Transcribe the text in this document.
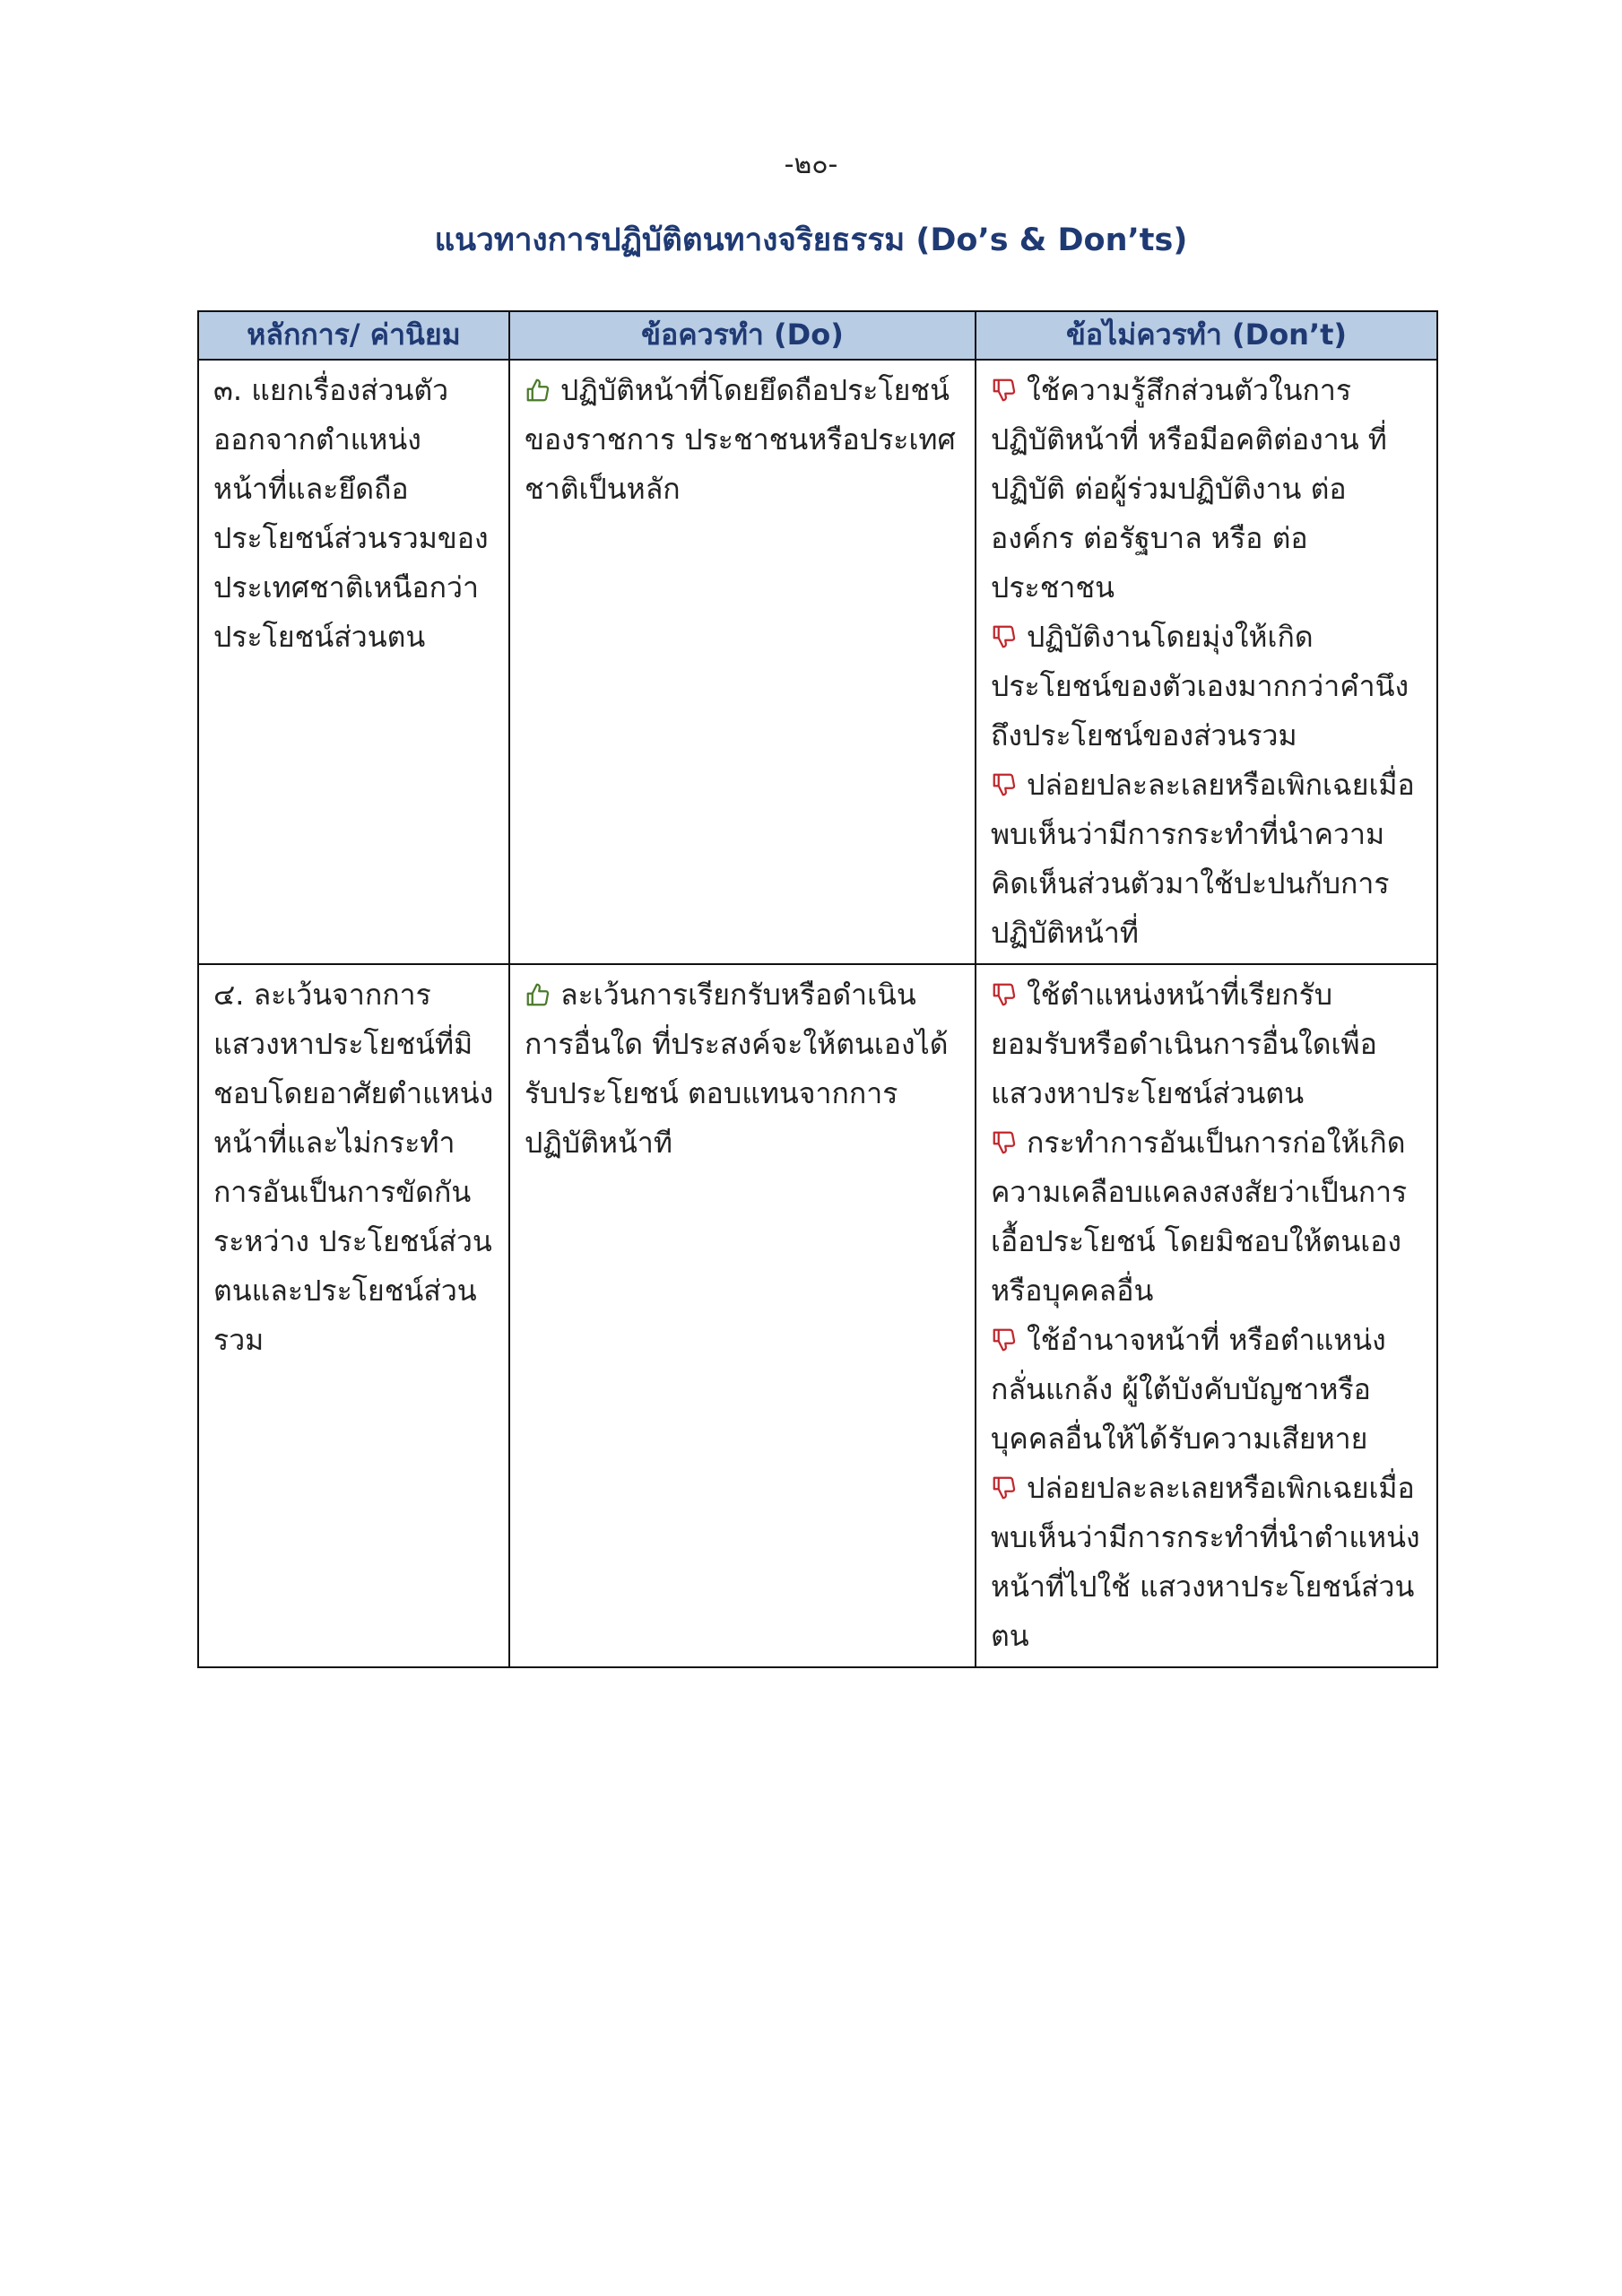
-๒๐-
แนวทางการปฏิบัติตนทางจริยธรรม (Do’s & Don’ts)
หลักการ/ ค่านิยม	ข้อควรทำ (Do)	ข้อไม่ควรทำ (Don’t)
๓. แยกเรื่องส่วนตัวออกจากตำแหน่งหน้าที่และยึดถือประโยชน์ส่วนรวมของประเทศชาติเหนือกว่าประโยชน์ส่วนตน	ปฏิบัติหน้าที่โดยยึดถือประโยชน์ของราชการ ประชาชนหรือประเทศชาติเป็นหลัก	ใช้ความรู้สึกส่วนตัวในการปฏิบัติหน้าที่ หรือมีอคติต่องาน ที่ปฏิบัติ ต่อผู้ร่วมปฏิบัติงาน ต่อองค์กร ต่อรัฐบาล หรือ ต่อประชาชน
ปฏิบัติงานโดยมุ่งให้เกิดประโยชน์ของตัวเองมากกว่าคำนึงถึงประโยชน์ของส่วนรวม
ปล่อยปละละเลยหรือเพิกเฉยเมื่อพบเห็นว่ามีการกระทำที่นำความคิดเห็นส่วนตัวมาใช้ปะปนกับการปฏิบัติหน้าที่

๔. ละเว้นจากการแสวงหาประโยชน์ที่มิชอบโดยอาศัยตำแหน่งหน้าที่และไม่กระทำการอันเป็นการขัดกันระหว่าง ประโยชน์ส่วนตนและประโยชน์ส่วนรวม	ละเว้นการเรียกรับหรือดำเนินการอื่นใด ที่ประสงค์จะให้ตนเองได้รับประโยชน์ ตอบแทนจากการปฏิบัติหน้าที	ใช้ตำแหน่งหน้าที่เรียกรับ ยอมรับหรือดำเนินการอื่นใดเพื่อแสวงหาประโยชน์ส่วนตน
กระทำการอันเป็นการก่อให้เกิดความเคลือบแคลงสงสัยว่าเป็นการเอื้อประโยชน์ โดยมิชอบให้ตนเองหรือบุคคลอื่น
ใช้อำนาจหน้าที่ หรือตำแหน่งกลั่นแกล้ง ผู้ใต้บังคับบัญชาหรือบุคคลอื่นให้ได้รับความเสียหาย
ปล่อยปละละเลยหรือเพิกเฉยเมื่อพบเห็นว่ามีการกระทำที่นำตำแหน่งหน้าที่ไปใช้ แสวงหาประโยชน์ส่วนตน
